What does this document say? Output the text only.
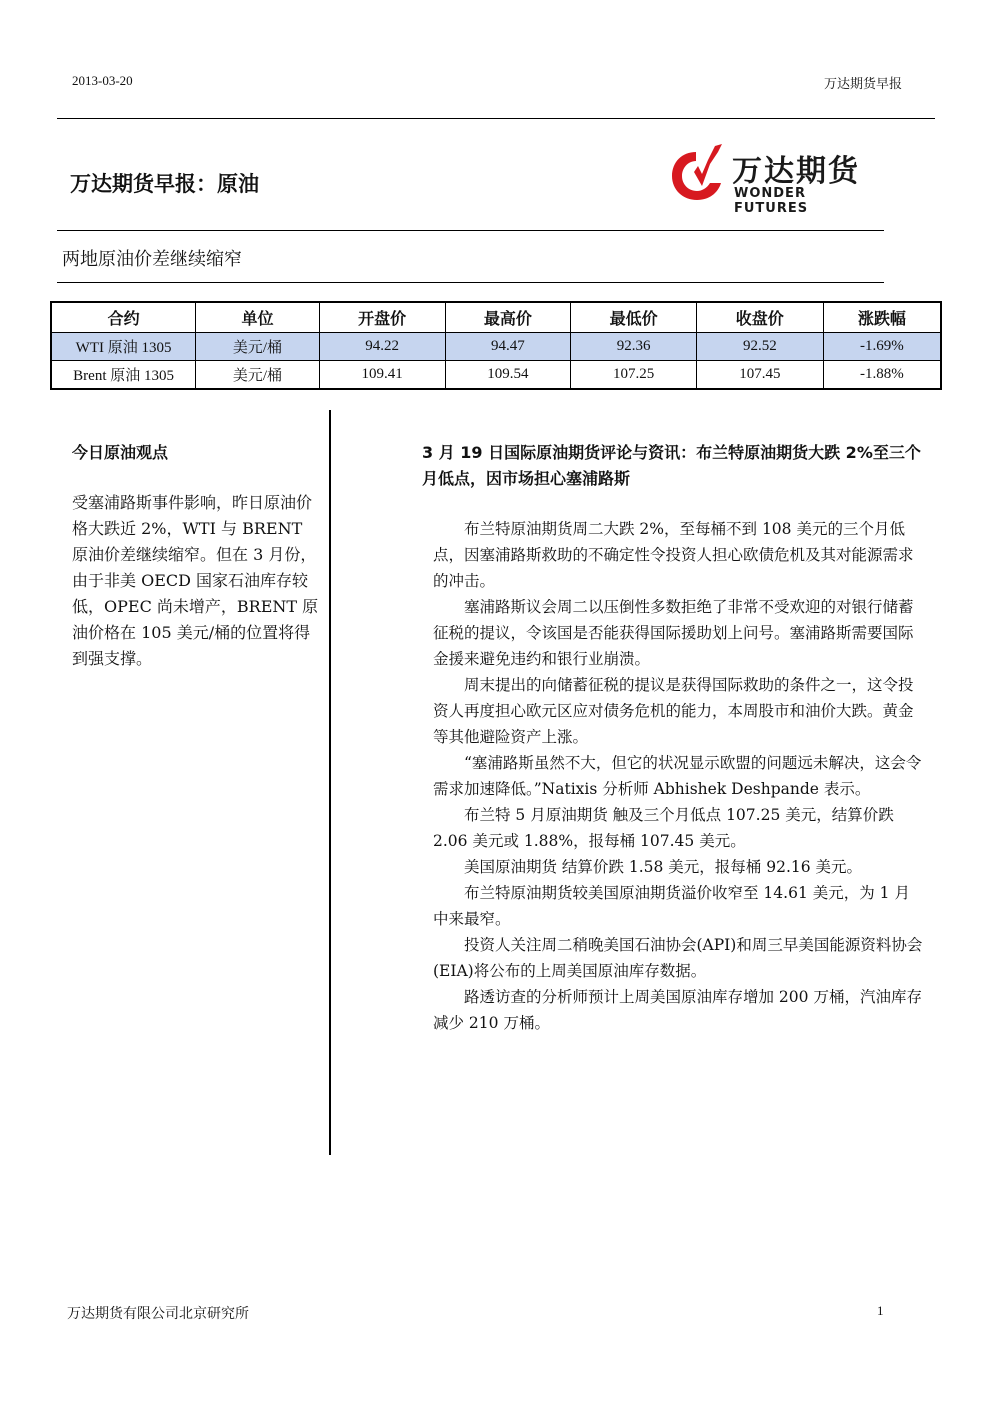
2013-03-20	万达期货早报
万达期货早报：原油	万达期货
WONDER FUTURES
两地原油价差继续缩窄
合约	单位	开盘价	最高价	最低价	收盘价	涨跌幅
WTI 原油 1305	美元/桶	94.22	94.47	92.36	92.52	-1.69%
Brent 原油 1305	美元/桶	109.41	109.54	107.25	107.45	-1.88%
今日原油观点
受塞浦路斯事件影响，昨日原油价格大跌近 2%，WTI 与 BRENT 原油价差继续缩窄。但在 3 月份，由于非美 OECD 国家石油库存较低，OPEC 尚未增产，BRENT 原油价格在 105 美元/桶的位置将得到强支撑。
3 月 19 日国际原油期货评论与资讯：布兰特原油期货大跌 2%至三个月低点，因市场担心塞浦路斯

布兰特原油期货周二大跌 2%，至每桶不到 108 美元的三个月低点，因塞浦路斯救助的不确定性令投资人担心欧债危机及其对能源需求的冲击。

塞浦路斯议会周二以压倒性多数拒绝了非常不受欢迎的对银行储蓄征税的提议，令该国是否能获得国际援助划上问号。塞浦路斯需要国际金援来避免违约和银行业崩溃。

周末提出的向储蓄征税的提议是获得国际救助的条件之一，这令投资人再度担心欧元区应对债务危机的能力，本周股市和油价大跌。黄金等其他避险资产上涨。

“塞浦路斯虽然不大，但它的状况显示欧盟的问题远未解决，这会令需求加速降低。”Natixis 分析师 Abhishek Deshpande 表示。

布兰特 5 月原油期货 触及三个月低点 107.25 美元，结算价跌 2.06 美元或 1.88%，报每桶 107.45 美元。

美国原油期货 结算价跌 1.58 美元，报每桶 92.16 美元。

布兰特原油期货较美国原油期货溢价收窄至 14.61 美元，为 1 月中来最窄。

投资人关注周二稍晚美国石油协会(API)和周三早美国能源资料协会(EIA)将公布的上周美国原油库存数据。

路透访查的分析师预计上周美国原油库存增加 200 万桶，汽油库存减少 210 万桶。

万达期货有限公司北京研究所	1
